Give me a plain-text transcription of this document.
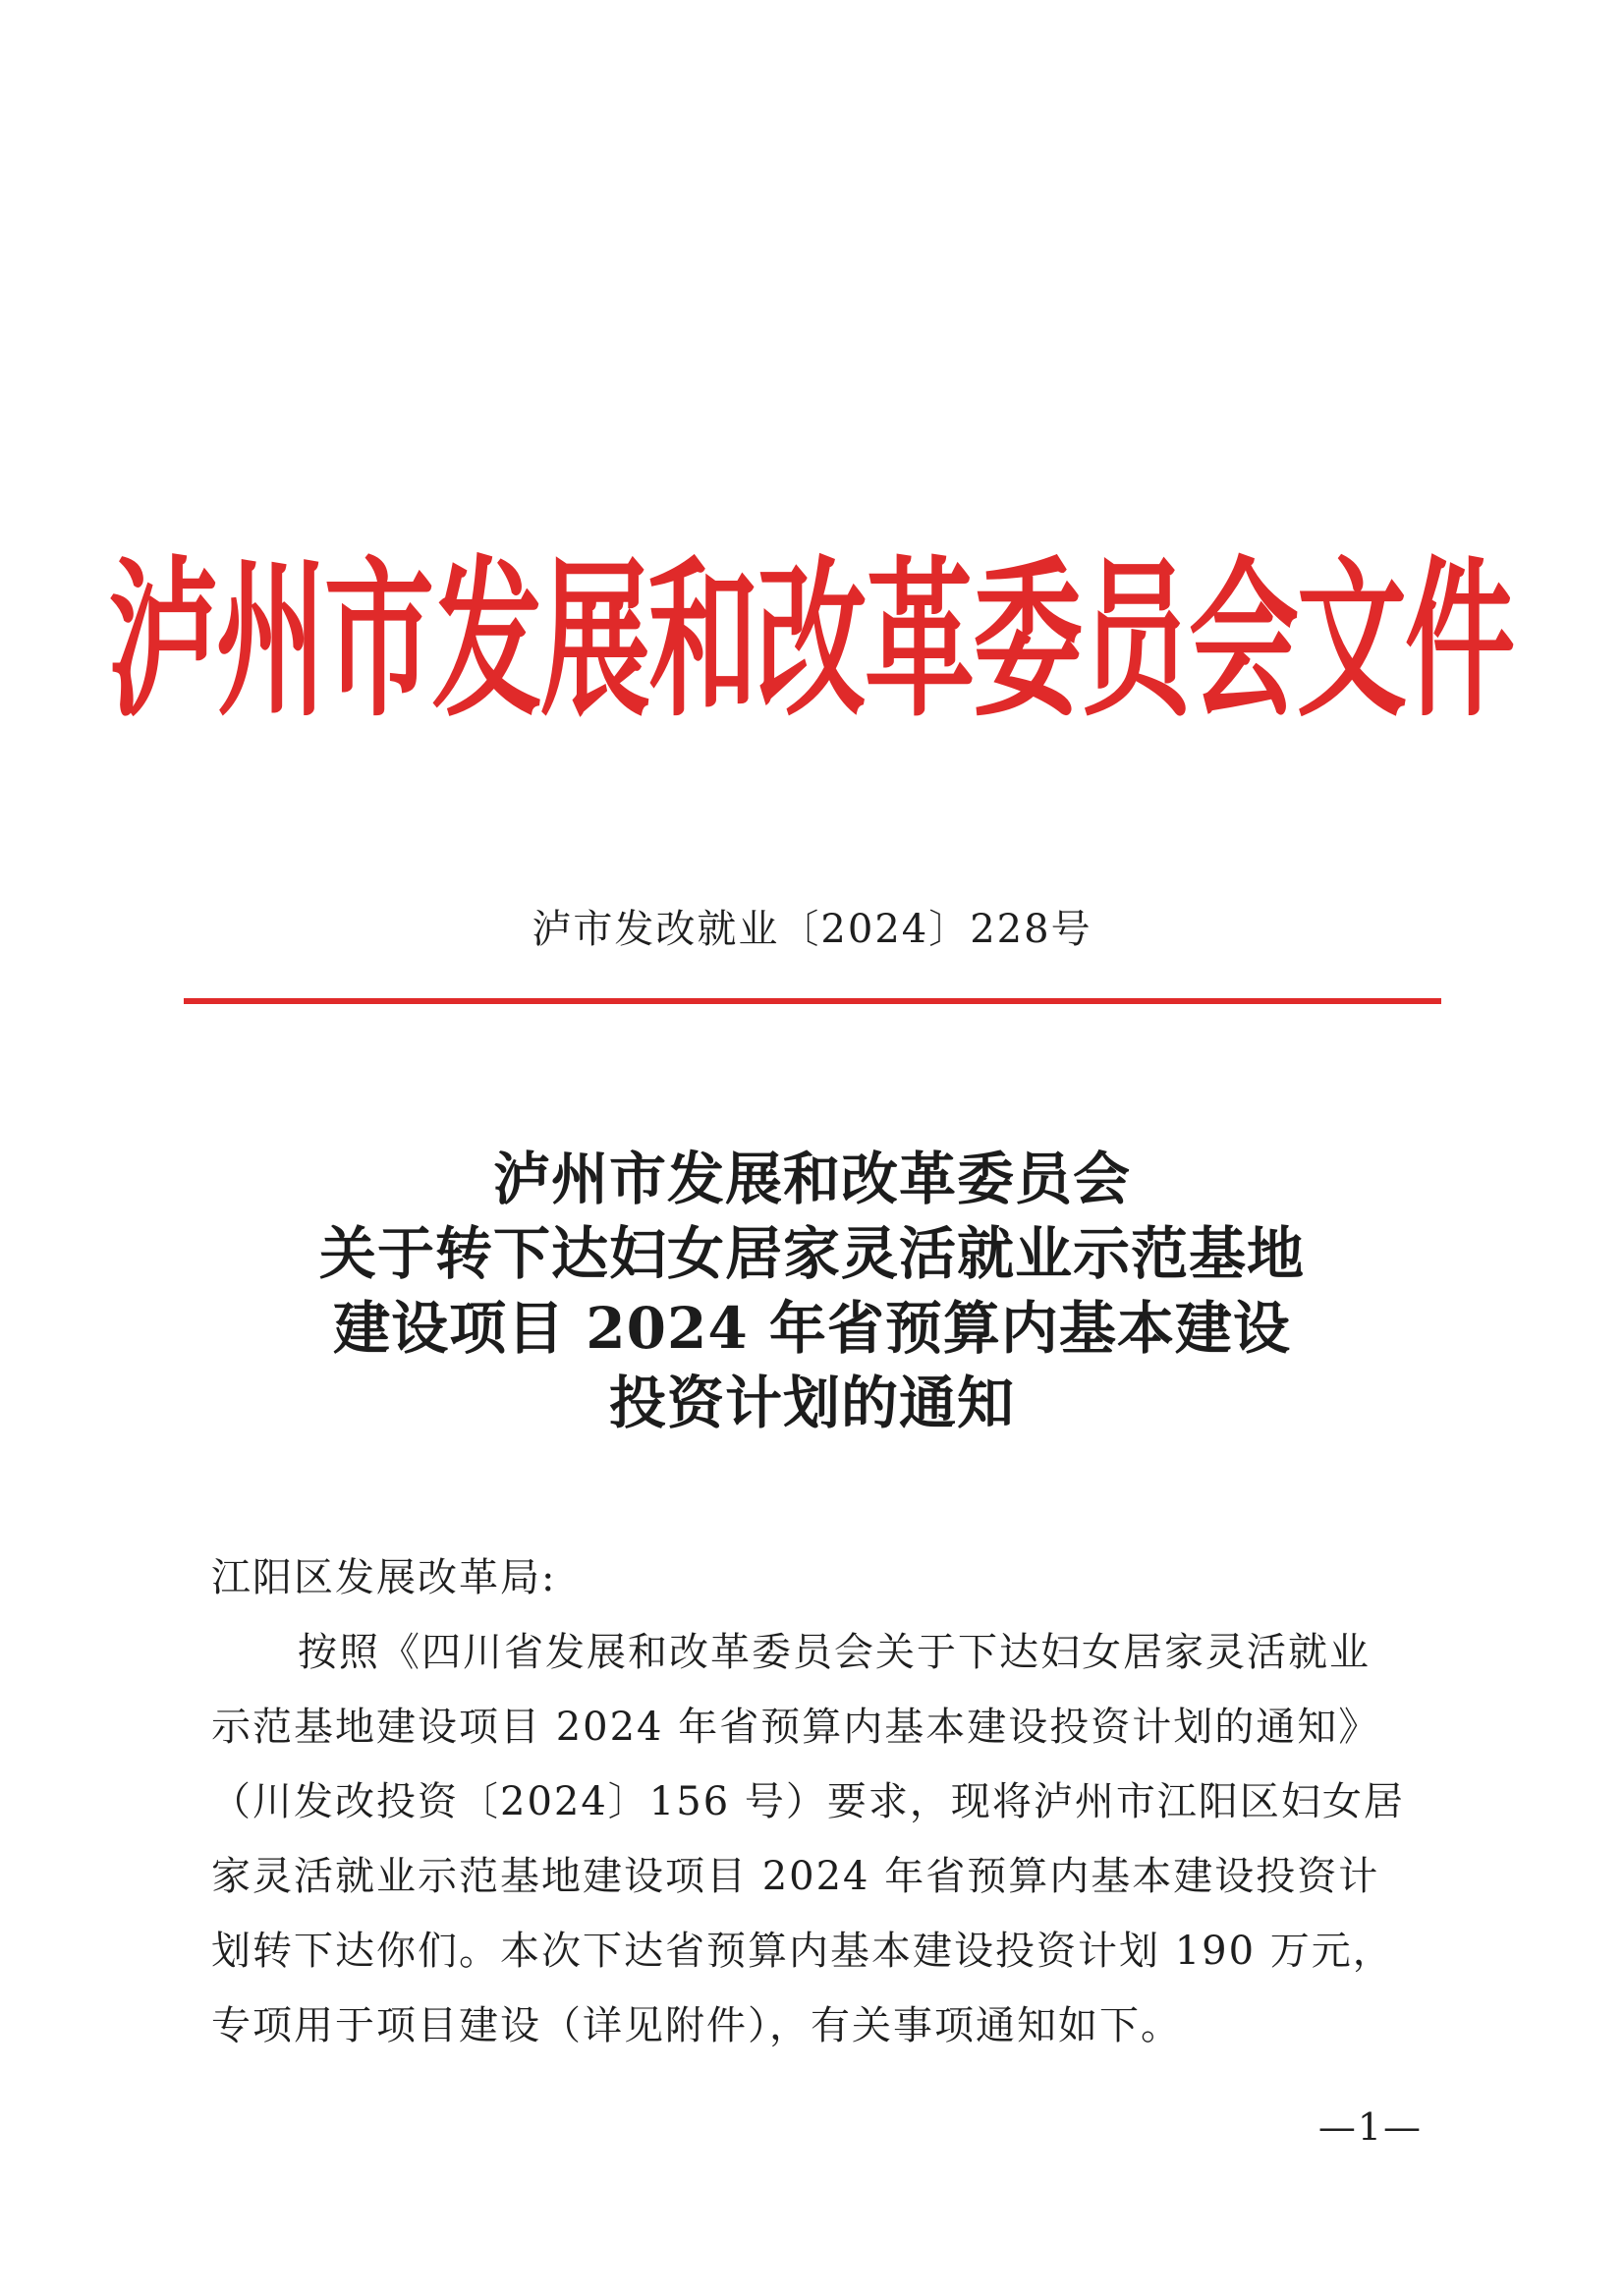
泸州市发展和改革委员会文件
泸市发改就业〔2024〕228号
泸州市发展和改革委员会
关于转下达妇女居家灵活就业示范基地
建设项目 2024 年省预算内基本建设
投资计划的通知
江阳区发展改革局:
按照《四川省发展和改革委员会关于下达妇女居家灵活就业
示范基地建设项目 2024 年省预算内基本建设投资计划的通知》
（川发改投资〔2024〕156 号）要求，现将泸州市江阳区妇女居
家灵活就业示范基地建设项目 2024 年省预算内基本建设投资计
划转下达你们。本次下达省预算内基本建设投资计划 190 万元，
专项用于项目建设（详见附件），有关事项通知如下。
—1—
